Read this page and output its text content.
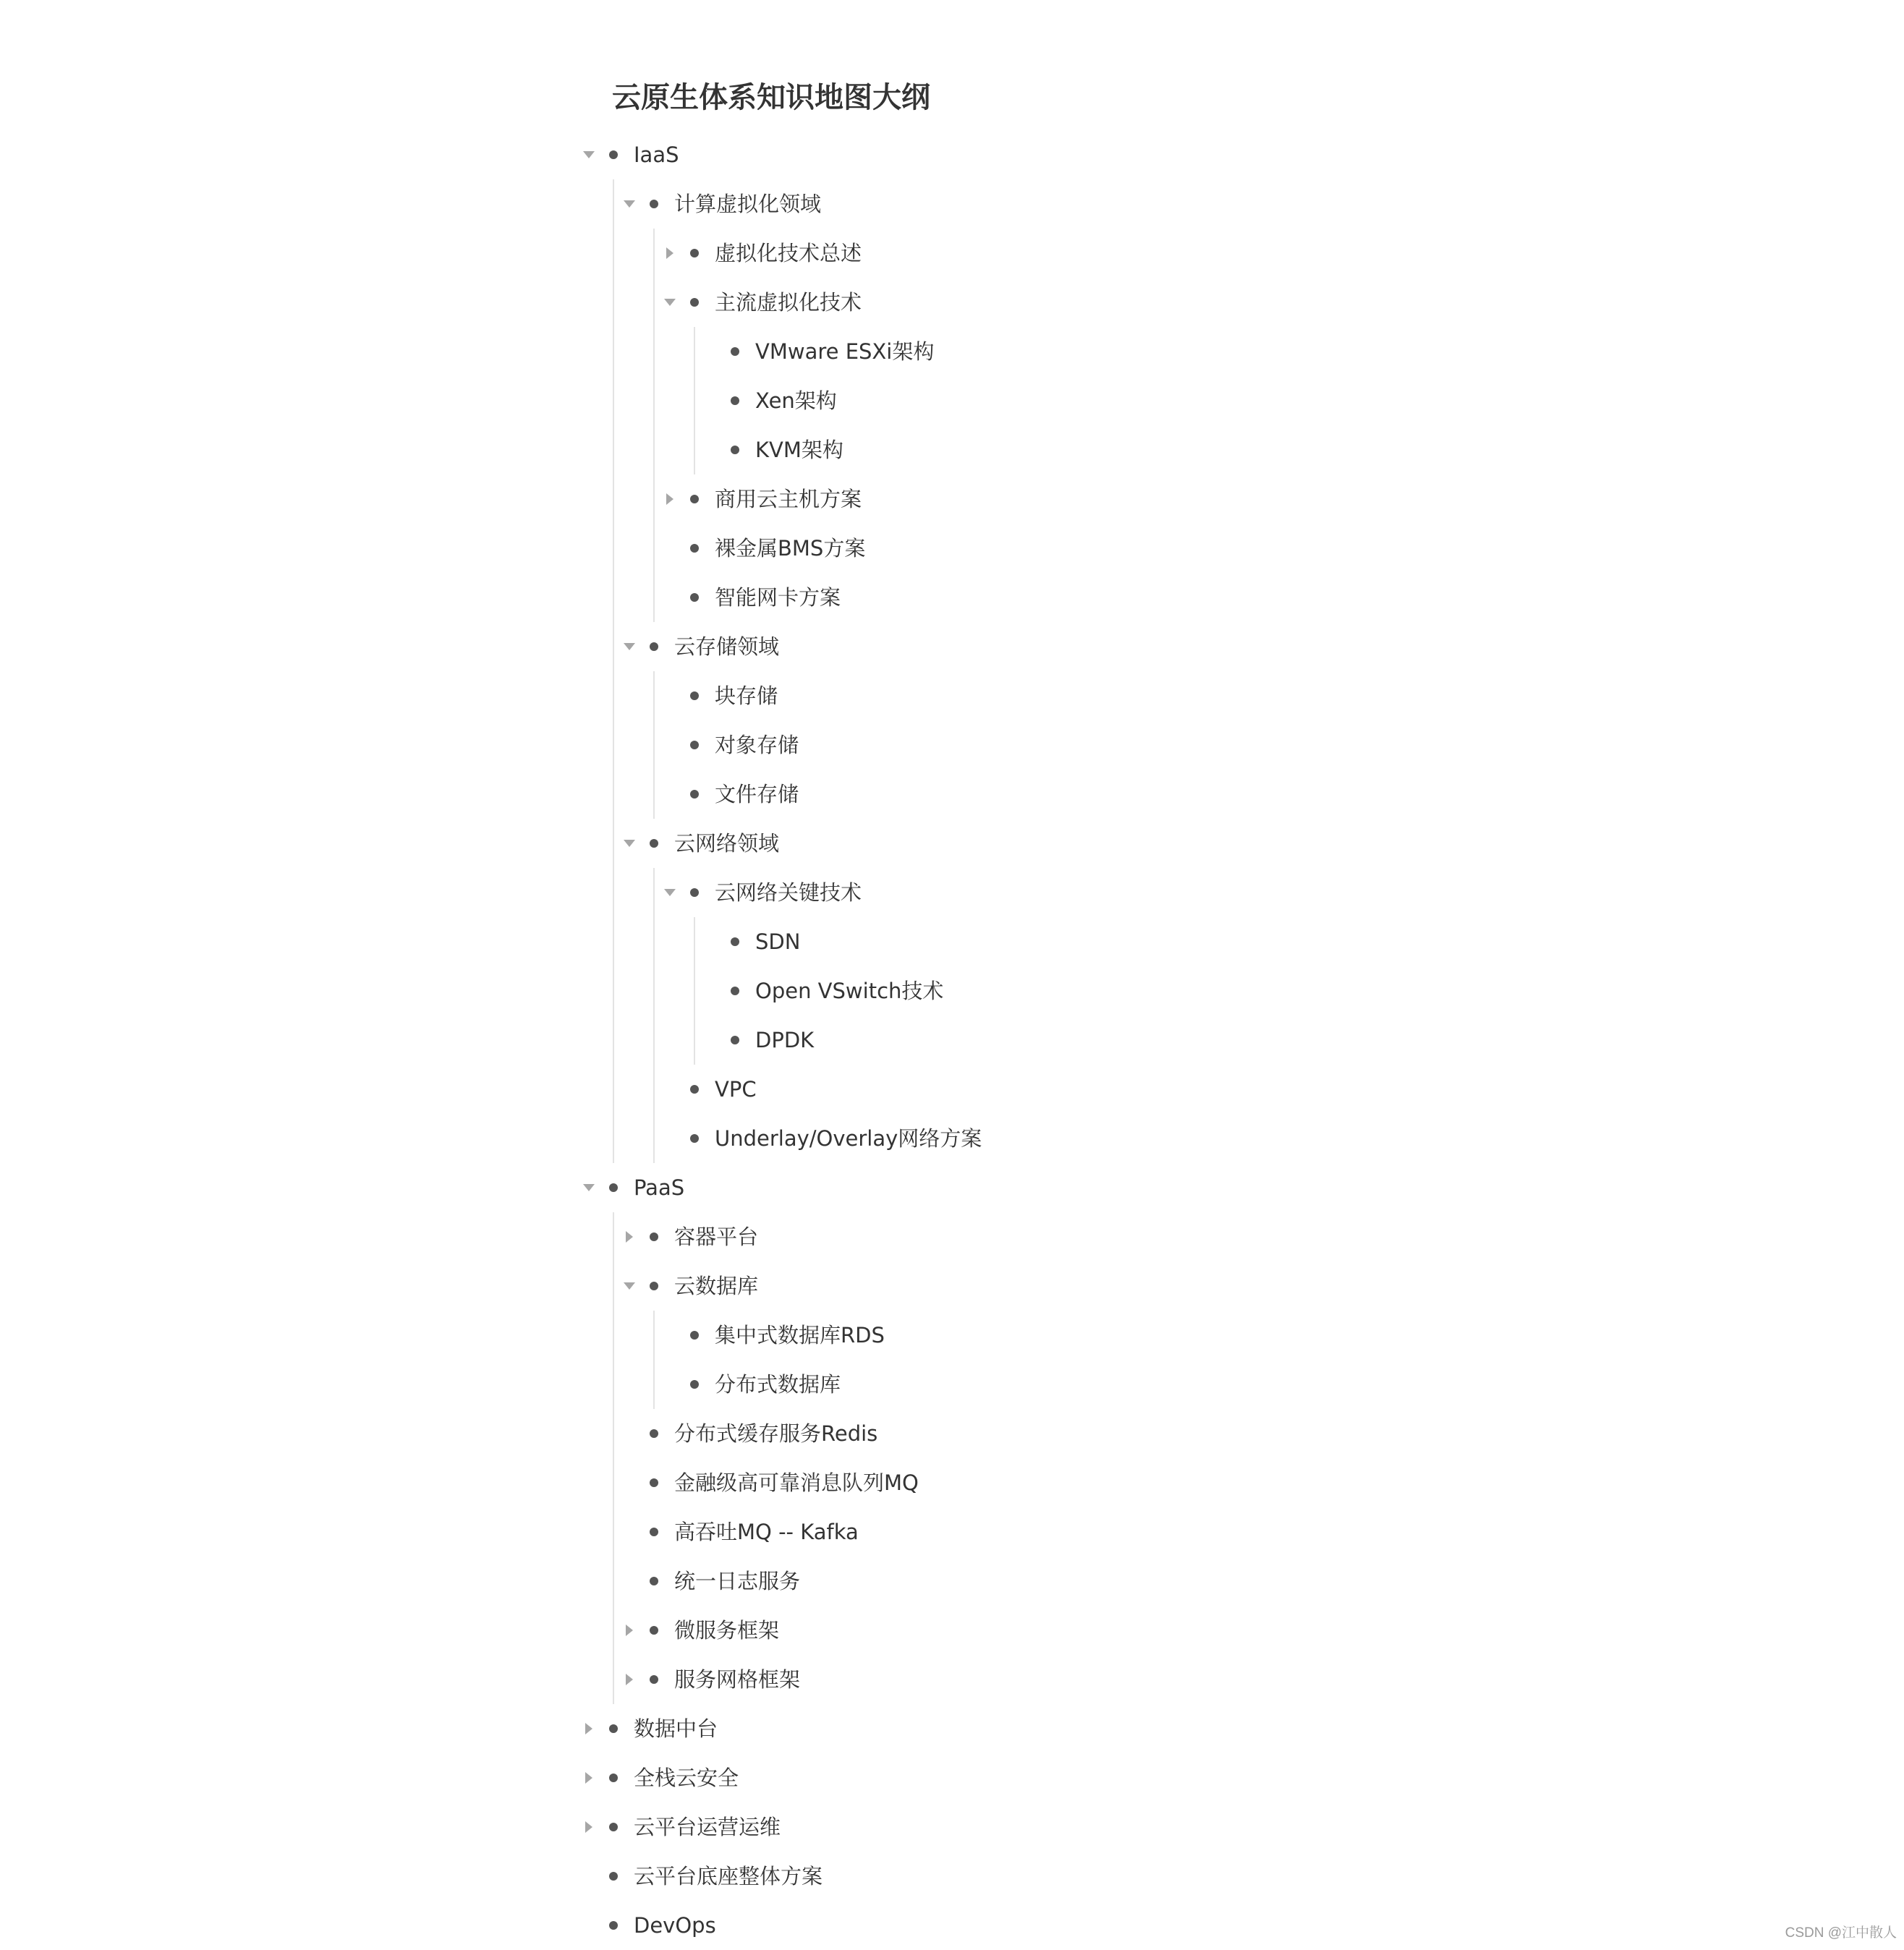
云原生体系知识地图大纲
IaaS
计算虚拟化领域
虚拟化技术总述
主流虚拟化技术
VMware ESXi架构
Xen架构
KVM架构
商用云主机方案
裸金属BMS方案
智能网卡方案
云存储领域
块存储
对象存储
文件存储
云网络领域
云网络关键技术
SDN
Open VSwitch技术
DPDK
VPC
Underlay/Overlay网络方案
PaaS
容器平台
云数据库
集中式数据库RDS
分布式数据库
分布式缓存服务Redis
金融级高可靠消息队列MQ
高吞吐MQ -- Kafka
统一日志服务
微服务框架
服务网格框架
数据中台
全栈云安全
云平台运营运维
云平台底座整体方案
DevOps	CSDN @江中散人
